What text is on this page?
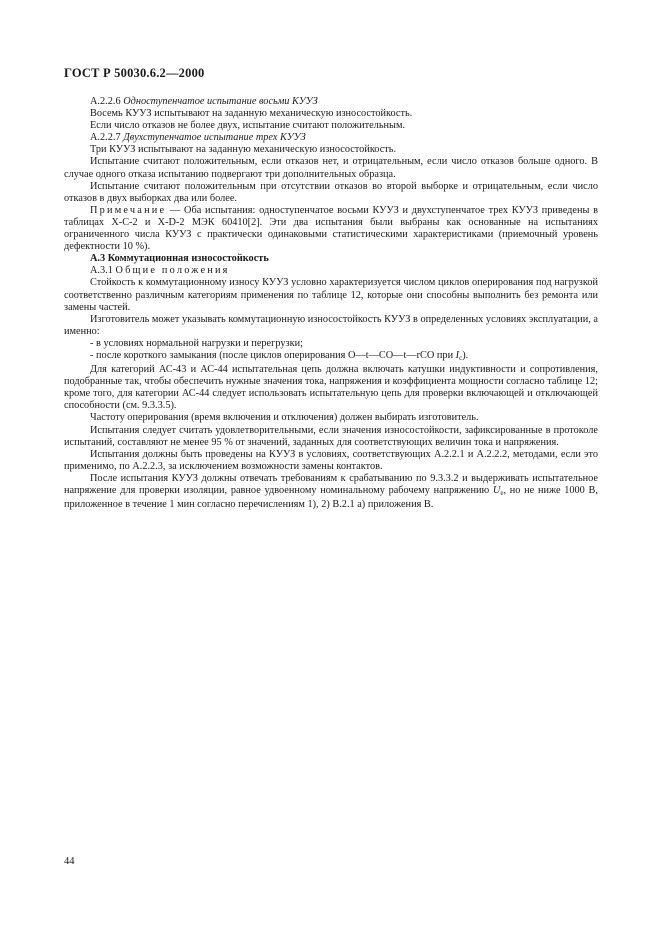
ГОСТ Р 50030.6.2—2000

А.2.2.6 Одноступенчатое испытание восьми КУУЗ

Восемь КУУЗ испытывают на заданную механическую износостойкость.

Если число отказов не более двух, испытание считают положительным.

А.2.2.7 Двухступенчатое испытание трех КУУЗ

Три КУУЗ испытывают на заданную механическую износостойкость.

Испытание считают положительным, если отказов нет, и отрицательным, если число отказов больше одного. В случае одного отказа испытанию подвергают три дополнительных образца.

Испытание считают положительным при отсутствии отказов во второй выборке и отрицательным, если число отказов в двух выборках два или более.

Примечание — Оба испытания: одноступенчатое восьми КУУЗ и двухступенчатое трех КУУЗ приведены в таблицах X-C-2 и X-D-2 МЭК 60410[2]. Эти два испытания были выбраны как основанные на испытаниях ограниченного числа КУУЗ с практически одинаковыми статистическими характеристиками (приемочный уровень дефектности 10 %).

А.3 Коммутационная износостойкость

А.3.1 Общие положения

Стойкость к коммутационному износу КУУЗ условно характеризуется числом циклов оперирования под нагрузкой соответственно различным категориям применения по таблице 12, которые они способны выполнить без ремонта или замены частей.

Изготовитель может указывать коммутационную износостойкость КУУЗ в определенных условиях эксплуатации, а именно:

- в условиях нормальной нагрузки и перегрузки;

- после короткого замыкания (после циклов оперирования О—t—СО—t—rСО при $I_c$).

Для категорий АС-43 и АС-44 испытательная цепь должна включать катушки индуктивности и сопротивления, подобранные так, чтобы обеспечить нужные значения тока, напряжения и коэффициента мощности согласно таблице 12; кроме того, для категории АС-44 следует использовать испытательную цепь для проверки включающей и отключающей способности (см. 9.3.3.5).

Частоту оперирования (время включения и отключения) должен выбирать изготовитель.

Испытания следует считать удовлетворительными, если значения износостойкости, зафиксированные в протоколе испытаний, составляют не менее 95 % от значений, заданных для соответствующих величин тока и напряжения.

Испытания должны быть проведены на КУУЗ в условиях, соответствующих А.2.2.1 и А.2.2.2, методами, если это применимо, по А.2.2.3, за исключением возможности замены контактов.

После испытания КУУЗ должны отвечать требованиям к срабатыванию по 9.3.3.2 и выдерживать испытательное напряжение для проверки изоляции, равное удвоенному номинальному рабочему напряжению $U_e$, но не ниже 1000 В, приложенное в течение 1 мин согласно перечислениям 1), 2) В.2.1 а) приложения В.

44
